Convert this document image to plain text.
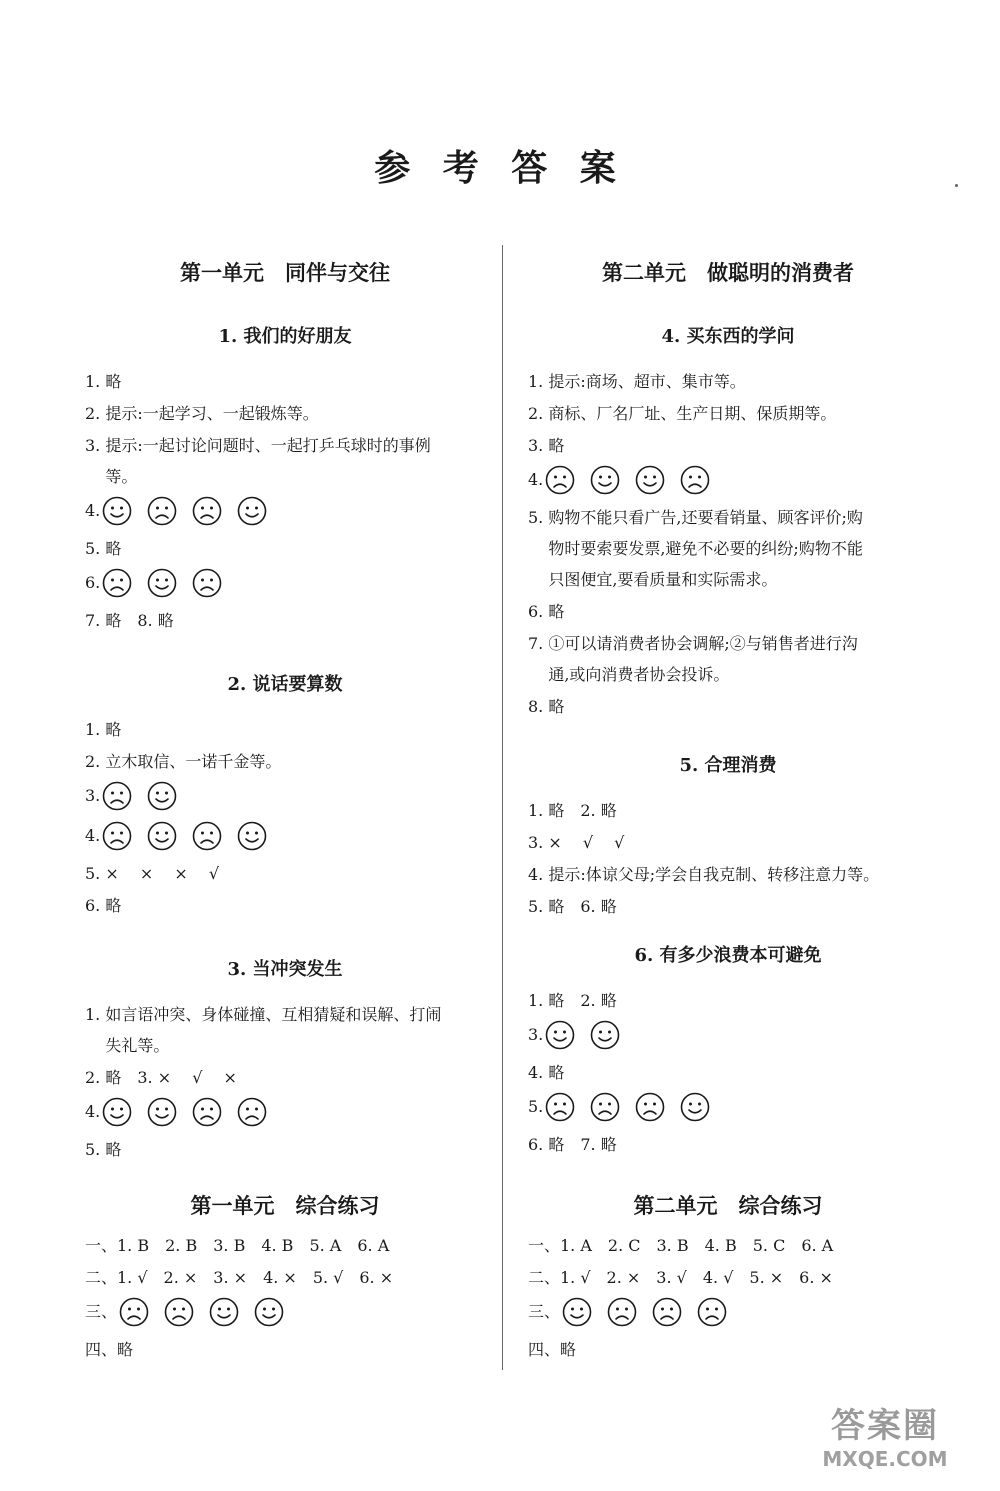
参 考 答 案
第一单元　同伴与交往
1. 我们的好朋友
1. 略
2. 提示:一起学习、一起锻炼等。
3. 提示:一起讨论问题时、一起打乒乓球时的事例
等。
4.
5. 略
6.
7. 略　8. 略
2. 说话要算数
1. 略
2. 立木取信、一诺千金等。
3.
4.
5. ×　 ×　 ×　 √
6. 略
3. 当冲突发生
1. 如言语冲突、身体碰撞、互相猜疑和误解、打闹
失礼等。
2. 略　3. ×　 √　 ×
4.
5. 略
第一单元　综合练习
一、1. B　2. B　3. B　4. B　5. A　6. A
二、1. √　2. ×　3. ×　4. ×　5. √　6. ×
三、
四、略
第二单元　做聪明的消费者
4. 买东西的学问
1. 提示:商场、超市、集市等。
2. 商标、厂名厂址、生产日期、保质期等。
3. 略
4.
5. 购物不能只看广告,还要看销量、顾客评价;购
物时要索要发票,避免不必要的纠纷;购物不能
只图便宜,要看质量和实际需求。
6. 略
7. ①可以请消费者协会调解;②与销售者进行沟
通,或向消费者协会投诉。
8. 略
5. 合理消费
1. 略　2. 略
3. ×　 √　 √
4. 提示:体谅父母;学会自我克制、转移注意力等。
5. 略　6. 略
6. 有多少浪费本可避免
1. 略　2. 略
3.
4. 略
5.
6. 略　7. 略
第二单元　综合练习
一、1. A　2. C　3. B　4. B　5. C　6. A
二、1. √　2. ×　3. √　4. √　5. ×　6. ×
三、
四、略
答案圈
MXQE.COM
